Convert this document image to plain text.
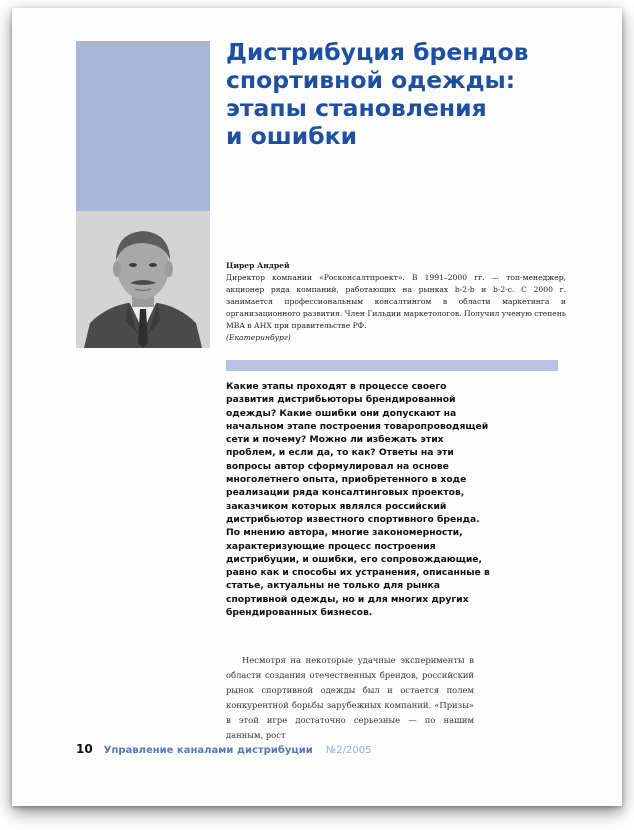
Дистрибуция брендов
спортивной одежды:
этапы становления
и ошибки
Цирер Андрей
Директор компании «Росконсалтпроект». В 1991–2000 гг. — топ-менеджер, акционер ряда компаний, работающих на рынках b-2-b и b-2-c. С 2000 г. занимается профессиональным консалтингом в области маркетинга и организационного развития. Член Гильдии маркетологов. Получил ученую степень MBA в АНХ при правительстве РФ.
(Екатеринбург)

Какие этапы проходят в процессе своего развития дистрибьюторы брендированной одежды? Какие ошибки они допускают на начальном этапе построения товаропроводящей сети и почему? Можно ли избежать этих проблем, и если да, то как? Ответы на эти вопросы автор сформулировал на основе многолетнего опыта, приобретенного в ходе реализации ряда консалтинговых проектов, заказчиком которых являлся российский дистрибьютор известного спортивного бренда.

По мнению автора, многие закономерности, характеризующие процесс построения дистрибуции, и ошибки, его сопровождающие, равно как и способы их устранения, описанные в статье, актуальны не только для рынка спортивной одежды, но и для многих других брендированных бизнесов.

Несмотря на некоторые удачные эксперименты в области создания отечественных брендов, российский рынок спортивной одежды был и остается полем конкурентной борьбы зарубежных компаний. «Призы» в этой игре достаточно серьезные — по нашим данным, рост

10 Управление каналами дистрибуции №2/2005
